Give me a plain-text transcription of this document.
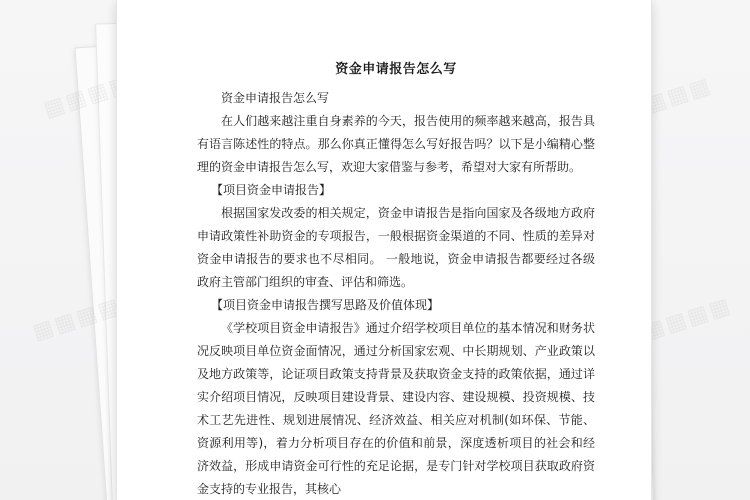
▦▦▦▦▦
▦▦▦▦▦

资金申请报告怎么写

资金申请报告怎么写

在人们越来越注重自身素养的今天，报告使用的频率越来越高，报告具有语言陈述性的特点。那么你真正懂得怎么写好报告吗？以下是小编精心整理的资金申请报告怎么写，欢迎大家借鉴与参考，希望对大家有所帮助。

【项目资金申请报告】

根据国家发改委的相关规定，资金申请报告是指向国家及各级地方政府申请政策性补助资金的专项报告，一般根据资金渠道的不同、性质的差异对资金申请报告的要求也不尽相同。 一般地说，资金申请报告都要经过各级政府主管部门组织的审查、评估和筛选。

【项目资金申请报告撰写思路及价值体现】

《学校项目资金申请报告》通过介绍学校项目单位的基本情况和财务状况反映项目单位资金面情况，通过分析国家宏观、中长期规划、产业政策以及地方政策等，论证项目政策支持背景及获取资金支持的政策依据，通过详实介绍项目情况，反映项目建设背景、建设内容、建设规模、投资规模、技术工艺先进性、规划进展情况、经济效益、相关应对机制(如环保、节能、资源利用等)，着力分析项目存在的价值和前景，深度透析项目的社会和经济效益，形成申请资金可行性的充足论据，是专门针对学校项目获取政府资金支持的专业报告，其核心
